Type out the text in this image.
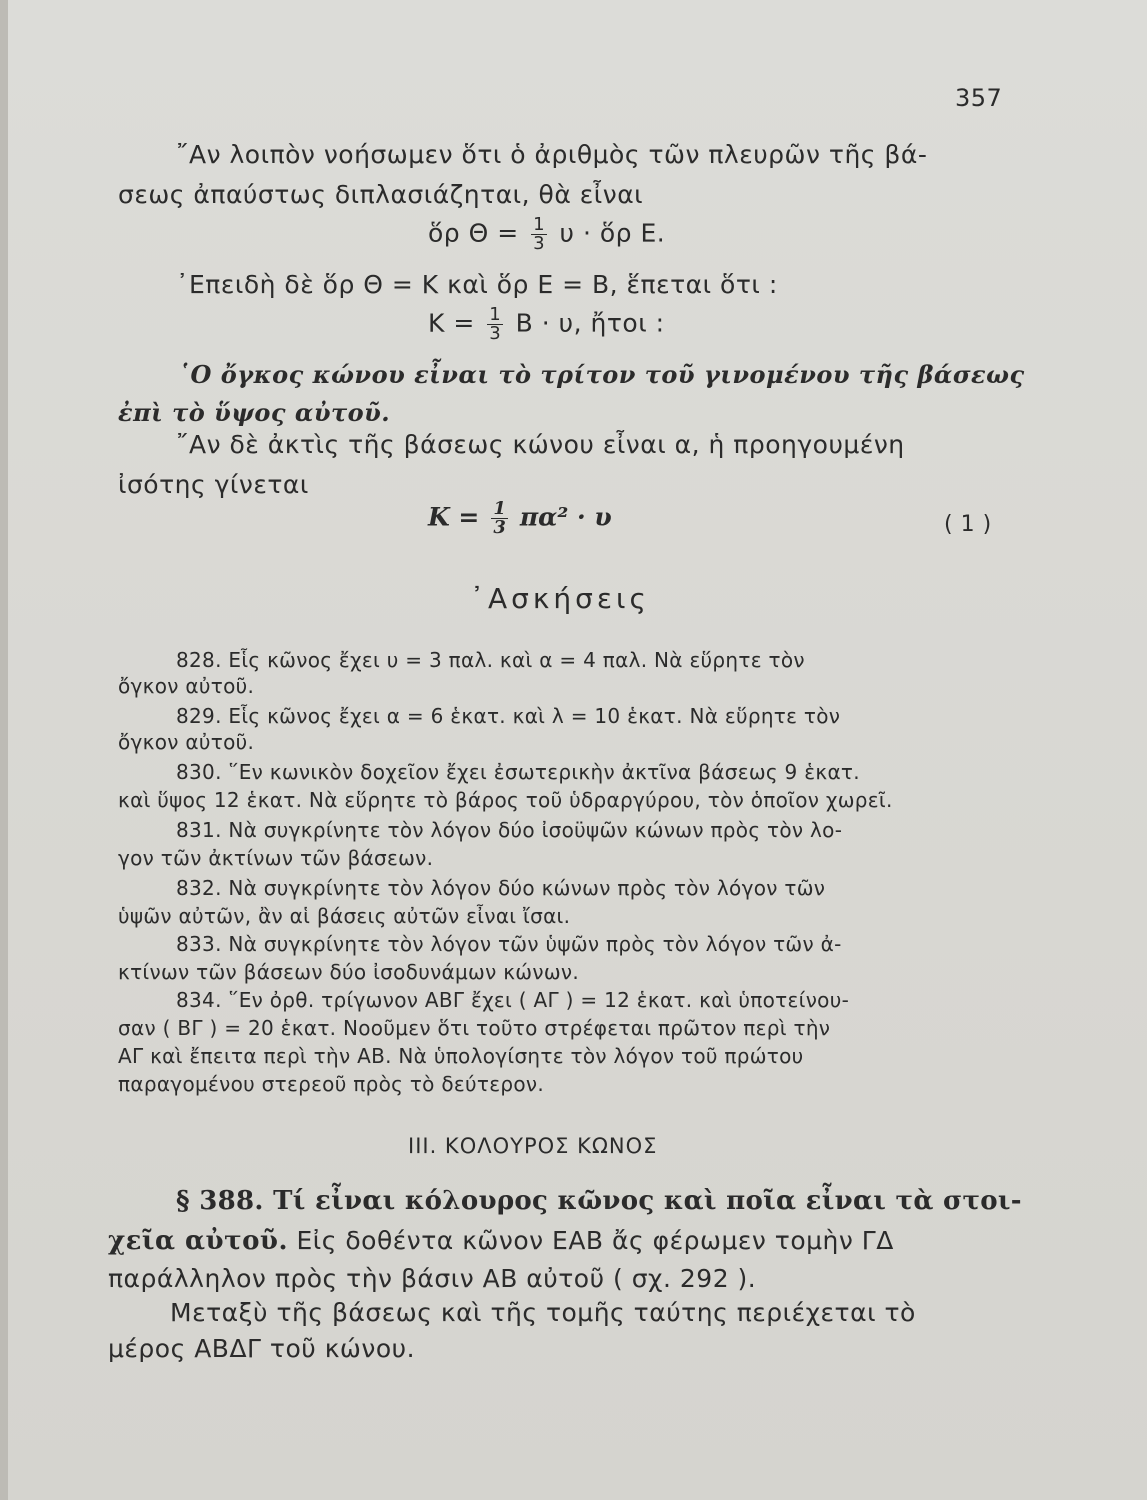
357
῎Αν λοιπὸν νοήσωμεν ὅτι ὁ ἀριθμὸς τῶν πλευρῶν τῆς βά-
σεως ἀπαύστως διπλασιάζηται, θὰ εἶναι
ὅρ $\Theta = \frac{1}{3}$ υ · ὅρ Ε.
᾿Επειδὴ δὲ ὅρ Θ = Κ καὶ ὅρ Ε = Β, ἕπεται ὅτι :
$K = \frac{1}{3}$ Β · υ, ἤτοι :
῾Ο ὄγκος κώνου εἶναι τὸ τρίτον τοῦ γινομένου τῆς βάσεως
ἐπὶ τὸ ὕψος αὐτοῦ.
῎Αν δὲ ἀκτὶς τῆς βάσεως κώνου εἶναι α, ἡ προηγουμένη
ἰσότης γίνεται
$K = \frac{1}{3} \pi\alpha^2 \cdot \upsilon$	( 1 )
᾿Ασκήσεις
828. Εἷς κῶνος ἔχει υ = 3 παλ. καὶ α = 4 παλ. Νὰ εὕρητε τὸν
ὄγκον αὐτοῦ.
829. Εἷς κῶνος ἔχει α = 6 ἑκατ. καὶ λ = 10 ἑκατ. Νὰ εὕρητε τὸν
ὄγκον αὐτοῦ.
830. ῞Εν κωνικὸν δοχεῖον ἔχει ἐσωτερικὴν ἀκτῖνα βάσεως 9 ἑκατ.
καὶ ὕψος 12 ἑκατ. Νὰ εὕρητε τὸ βάρος τοῦ ὑδραργύρου, τὸν ὁποῖον χωρεῖ.
831. Νὰ συγκρίνητε τὸν λόγον δύο ἰσοϋψῶν κώνων πρὸς τὸν λο-
γον τῶν ἀκτίνων τῶν βάσεων.
832. Νὰ συγκρίνητε τὸν λόγον δύο κώνων πρὸς τὸν λόγον τῶν
ὑψῶν αὐτῶν, ἂν αἱ βάσεις αὐτῶν εἶναι ἴσαι.
833. Νὰ συγκρίνητε τὸν λόγον τῶν ὑψῶν πρὸς τὸν λόγον τῶν ἀ-
κτίνων τῶν βάσεων δύο ἰσοδυνάμων κώνων.
834. ῞Εν ὀρθ. τρίγωνον ΑΒΓ ἔχει ( ΑΓ ) = 12 ἑκατ. καὶ ὑποτείνου-
σαν ( ΒΓ ) = 20 ἑκατ. Νοοῦμεν ὅτι τοῦτο στρέφεται πρῶτον περὶ τὴν
ΑΓ καὶ ἔπειτα περὶ τὴν ΑΒ. Νὰ ὑπολογίσητε τὸν λόγον τοῦ πρώτου
παραγομένου στερεοῦ πρὸς τὸ δεύτερον.
ΙΙΙ. ΚΟΛΟΥΡΟΣ ΚΩΝΟΣ
§ 388. Τί εἶναι κόλουρος κῶνος καὶ ποῖα εἶναι τὰ στοι-
χεῖα αὐτοῦ. Εἰς δοθέντα κῶνον ΕΑΒ ἄς φέρωμεν τομὴν ΓΔ
παράλληλον πρὸς τὴν βάσιν ΑΒ αὐτοῦ ( σχ. 292 ).
Μεταξὺ τῆς βάσεως καὶ τῆς τομῆς ταύτης περιέχεται τὸ
μέρος ΑΒΔΓ τοῦ κώνου.
